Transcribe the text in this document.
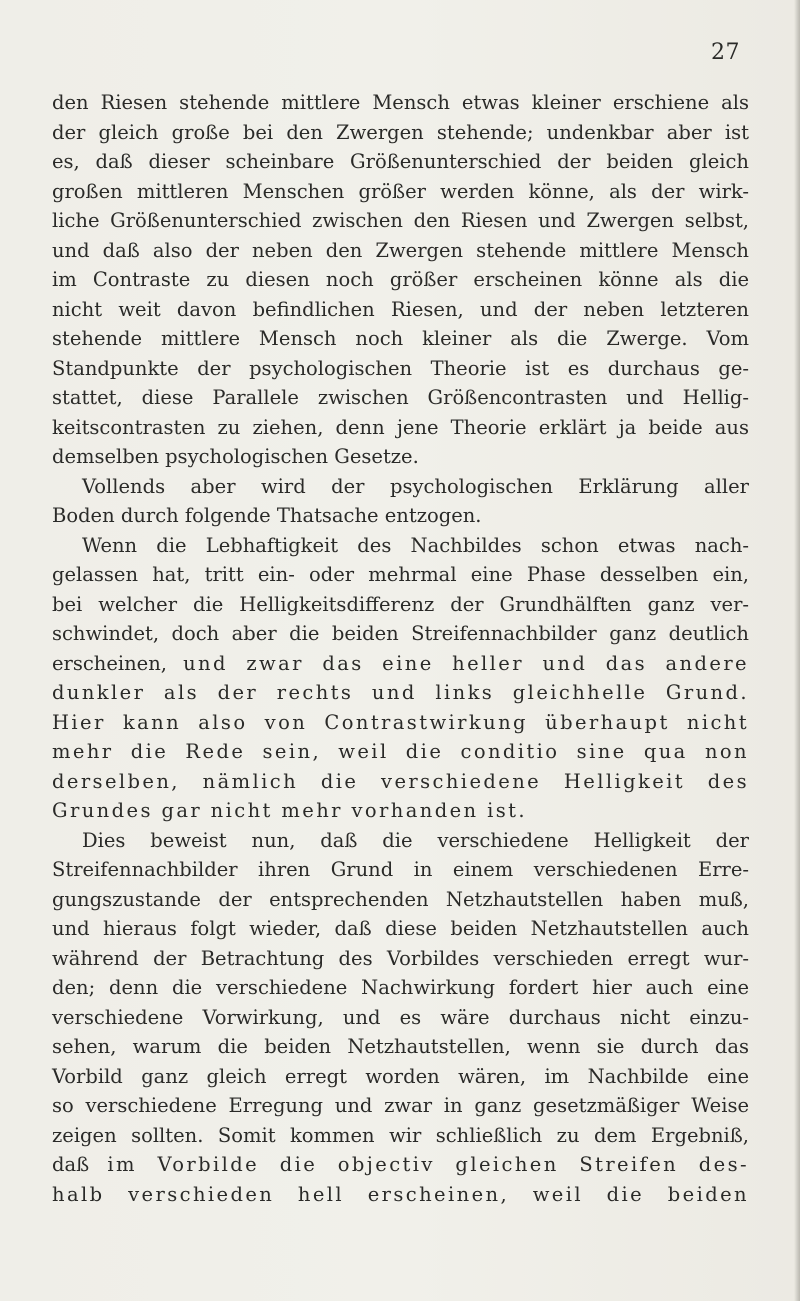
27
den Riesen stehende mittlere Mensch etwas kleiner erschiene als
der gleich große bei den Zwergen stehende; undenkbar aber ist
es, daß dieser scheinbare Größenunterschied der beiden gleich
großen mittleren Menschen größer werden könne, als der wirk-
liche Größenunterschied zwischen den Riesen und Zwergen selbst,
und daß also der neben den Zwergen stehende mittlere Mensch
im Contraste zu diesen noch größer erscheinen könne als die
nicht weit davon befindlichen Riesen, und der neben letzteren
stehende mittlere Mensch noch kleiner als die Zwerge. Vom
Standpunkte der psychologischen Theorie ist es durchaus ge-
stattet, diese Parallele zwischen Größencontrasten und Hellig-
keitscontrasten zu ziehen, denn jene Theorie erklärt ja beide aus
demselben psychologischen Gesetze.
Vollends aber wird der psychologischen Erklärung aller
Boden durch folgende Thatsache entzogen.
Wenn die Lebhaftigkeit des Nachbildes schon etwas nach-
gelassen hat, tritt ein- oder mehrmal eine Phase desselben ein,
bei welcher die Helligkeitsdifferenz der Grundhälften ganz ver-
schwindet, doch aber die beiden Streifennachbilder ganz deutlich
erscheinen, und zwar das eine heller und das andere
dunkler als der rechts und links gleichhelle Grund.
Hier kann also von Contrastwirkung überhaupt nicht
mehr die Rede sein, weil die conditio sine qua non
derselben, nämlich die verschiedene Helligkeit des
Grundes gar nicht mehr vorhanden ist.
Dies beweist nun, daß die verschiedene Helligkeit der
Streifennachbilder ihren Grund in einem verschiedenen Erre-
gungszustande der entsprechenden Netzhautstellen haben muß,
und hieraus folgt wieder, daß diese beiden Netzhautstellen auch
während der Betrachtung des Vorbildes verschieden erregt wur-
den; denn die verschiedene Nachwirkung fordert hier auch eine
verschiedene Vorwirkung, und es wäre durchaus nicht einzu-
sehen, warum die beiden Netzhautstellen, wenn sie durch das
Vorbild ganz gleich erregt worden wären, im Nachbilde eine
so verschiedene Erregung und zwar in ganz gesetzmäßiger Weise
zeigen sollten. Somit kommen wir schließlich zu dem Ergebniß,
daß im Vorbilde die objectiv gleichen Streifen des-
halb verschieden hell erscheinen, weil die beiden
